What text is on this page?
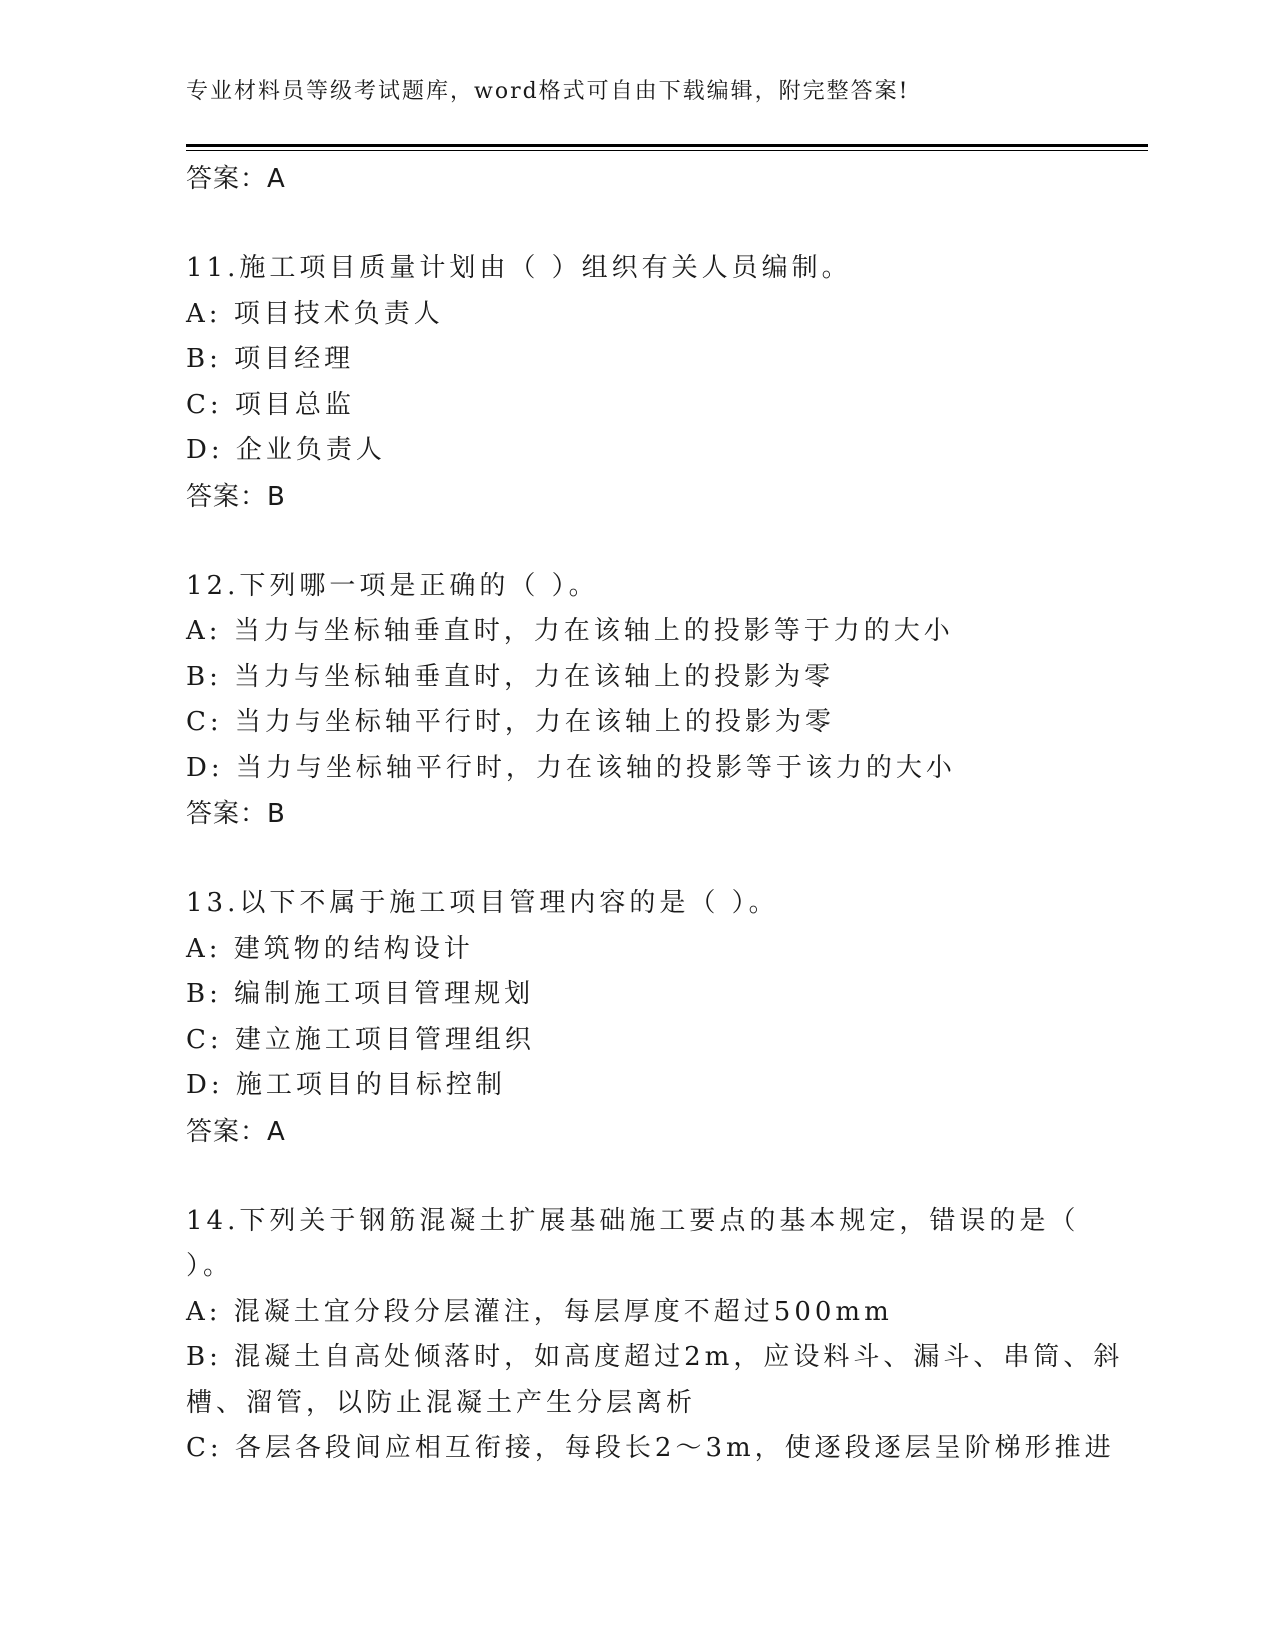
专业材料员等级考试题库，word格式可自由下载编辑，附完整答案!
答案：A
11.施工项目质量计划由（ ）组织有关人员编制。
A: 项目技术负责人
B: 项目经理
C: 项目总监
D: 企业负责人
答案：B
12.下列哪一项是正确的（ ）。
A: 当力与坐标轴垂直时，力在该轴上的投影等于力的大小
B: 当力与坐标轴垂直时，力在该轴上的投影为零
C: 当力与坐标轴平行时，力在该轴上的投影为零
D: 当力与坐标轴平行时，力在该轴的投影等于该力的大小
答案：B
13.以下不属于施工项目管理内容的是（ ）。
A: 建筑物的结构设计
B: 编制施工项目管理规划
C: 建立施工项目管理组织
D: 施工项目的目标控制
答案：A
14.下列关于钢筋混凝土扩展基础施工要点的基本规定，错误的是（
）。
A: 混凝土宜分段分层灌注，每层厚度不超过500mm
B: 混凝土自高处倾落时，如高度超过2m，应设料斗、漏斗、串筒、斜
槽、溜管，以防止混凝土产生分层离析
C: 各层各段间应相互衔接，每段长2～3m，使逐段逐层呈阶梯形推进
